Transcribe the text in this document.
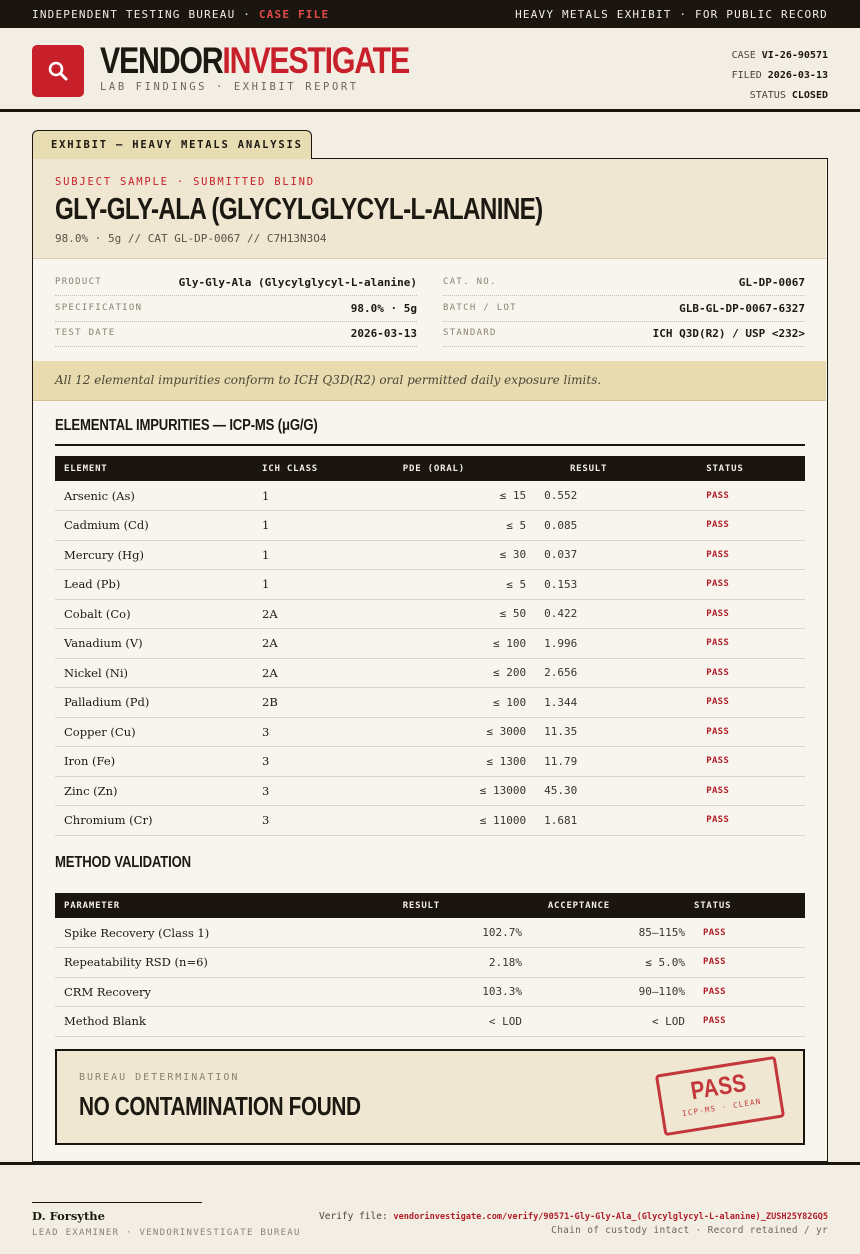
INDEPENDENT TESTING BUREAU · CASE FILE	HEAVY METALS EXHIBIT · FOR PUBLIC RECORD
VENDORINVESTIGATE
LAB FINDINGS · EXHIBIT REPORT
CASE VI-26-90571
FILED 2026-03-13
STATUS CLOSED
EXHIBIT — HEAVY METALS ANALYSIS
SUBJECT SAMPLE · SUBMITTED BLIND
GLY-GLY-ALA (GLYCYLGLYCYL-L-ALANINE)
98.0% · 5g // CAT GL-DP-0067 // C7H13N3O4
PRODUCT	Gly-Gly-Ala (Glycylglycyl-L-alanine)
SPECIFICATION	98.0% · 5g
TEST DATE	2026-03-13
CAT. NO.	GL-DP-0067
BATCH / LOT	GLB-GL-DP-0067-6327
STANDARD	ICH Q3D(R2) / USP <232>
All 12 elemental impurities conform to ICH Q3D(R2) oral permitted daily exposure limits.
ELEMENTAL IMPURITIES — ICP-MS (μG/G)
ELEMENT	ICH CLASS	PDE (ORAL)	RESULT	STATUS
Arsenic (As)	1	≤ 15	0.552	PASS
Cadmium (Cd)	1	≤ 5	0.085	PASS
Mercury (Hg)	1	≤ 30	0.037	PASS
Lead (Pb)	1	≤ 5	0.153	PASS
Cobalt (Co)	2A	≤ 50	0.422	PASS
Vanadium (V)	2A	≤ 100	1.996	PASS
Nickel (Ni)	2A	≤ 200	2.656	PASS
Palladium (Pd)	2B	≤ 100	1.344	PASS
Copper (Cu)	3	≤ 3000	11.35	PASS
Iron (Fe)	3	≤ 1300	11.79	PASS
Zinc (Zn)	3	≤ 13000	45.30	PASS
Chromium (Cr)	3	≤ 11000	1.681	PASS
METHOD VALIDATION
PARAMETER	RESULT	ACCEPTANCE	STATUS
Spike Recovery (Class 1)	102.7%	85–115%	PASS
Repeatability RSD (n=6)	2.18%	≤ 5.0%	PASS
CRM Recovery	103.3%	90–110%	PASS
Method Blank	< LOD	< LOD	PASS
BUREAU DETERMINATION
NO CONTAMINATION FOUND
PASS
ICP-MS · CLEAN
D. Forsythe
LEAD EXAMINER · VENDORINVESTIGATE BUREAU
Verify file: vendorinvestigate.com/verify/90571-Gly-Gly-Ala_(Glycylglycyl-L-alanine)_ZUSH25Y82GQ5
Chain of custody intact · Record retained / yr
